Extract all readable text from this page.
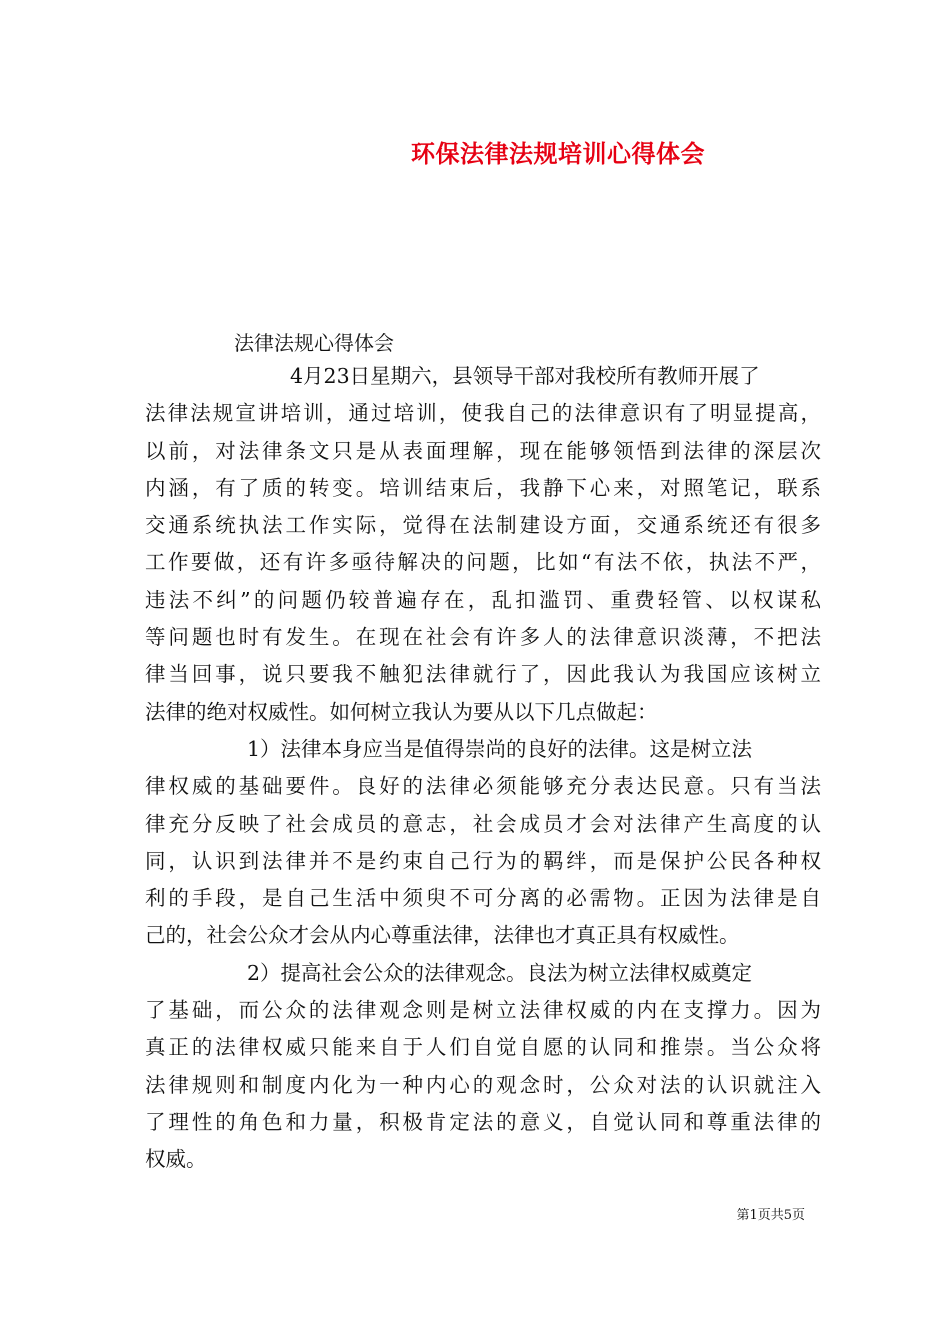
环保法律法规培训心得体会
法律法规心得体会
4月23日星期六，县领导干部对我校所有教师开展了
法律法规宣讲培训，通过培训，使我自己的法律意识有了明显提高，
以前，对法律条文只是从表面理解，现在能够领悟到法律的深层次
内涵，有了质的转变。培训结束后，我静下心来，对照笔记，联系
交通系统执法工作实际，觉得在法制建设方面，交通系统还有很多
工作要做，还有许多亟待解决的问题，比如“有法不依，执法不严，
违法不纠”的问题仍较普遍存在，乱扣滥罚、重费轻管、以权谋私
等问题也时有发生。在现在社会有许多人的法律意识淡薄，不把法
律当回事，说只要我不触犯法律就行了，因此我认为我国应该树立
法律的绝对权威性。如何树立我认为要从以下几点做起：
1）法律本身应当是值得崇尚的良好的法律。这是树立法
律权威的基础要件。良好的法律必须能够充分表达民意。只有当法
律充分反映了社会成员的意志，社会成员才会对法律产生高度的认
同，认识到法律并不是约束自己行为的羁绊，而是保护公民各种权
利的手段，是自己生活中须臾不可分离的必需物。正因为法律是自
己的，社会公众才会从内心尊重法律，法律也才真正具有权威性。
2）提高社会公众的法律观念。良法为树立法律权威奠定
了基础，而公众的法律观念则是树立法律权威的内在支撑力。因为
真正的法律权威只能来自于人们自觉自愿的认同和推崇。当公众将
法律规则和制度内化为一种内心的观念时，公众对法的认识就注入
了理性的角色和力量，积极肯定法的意义，自觉认同和尊重法律的
权威。
第1页共5页
